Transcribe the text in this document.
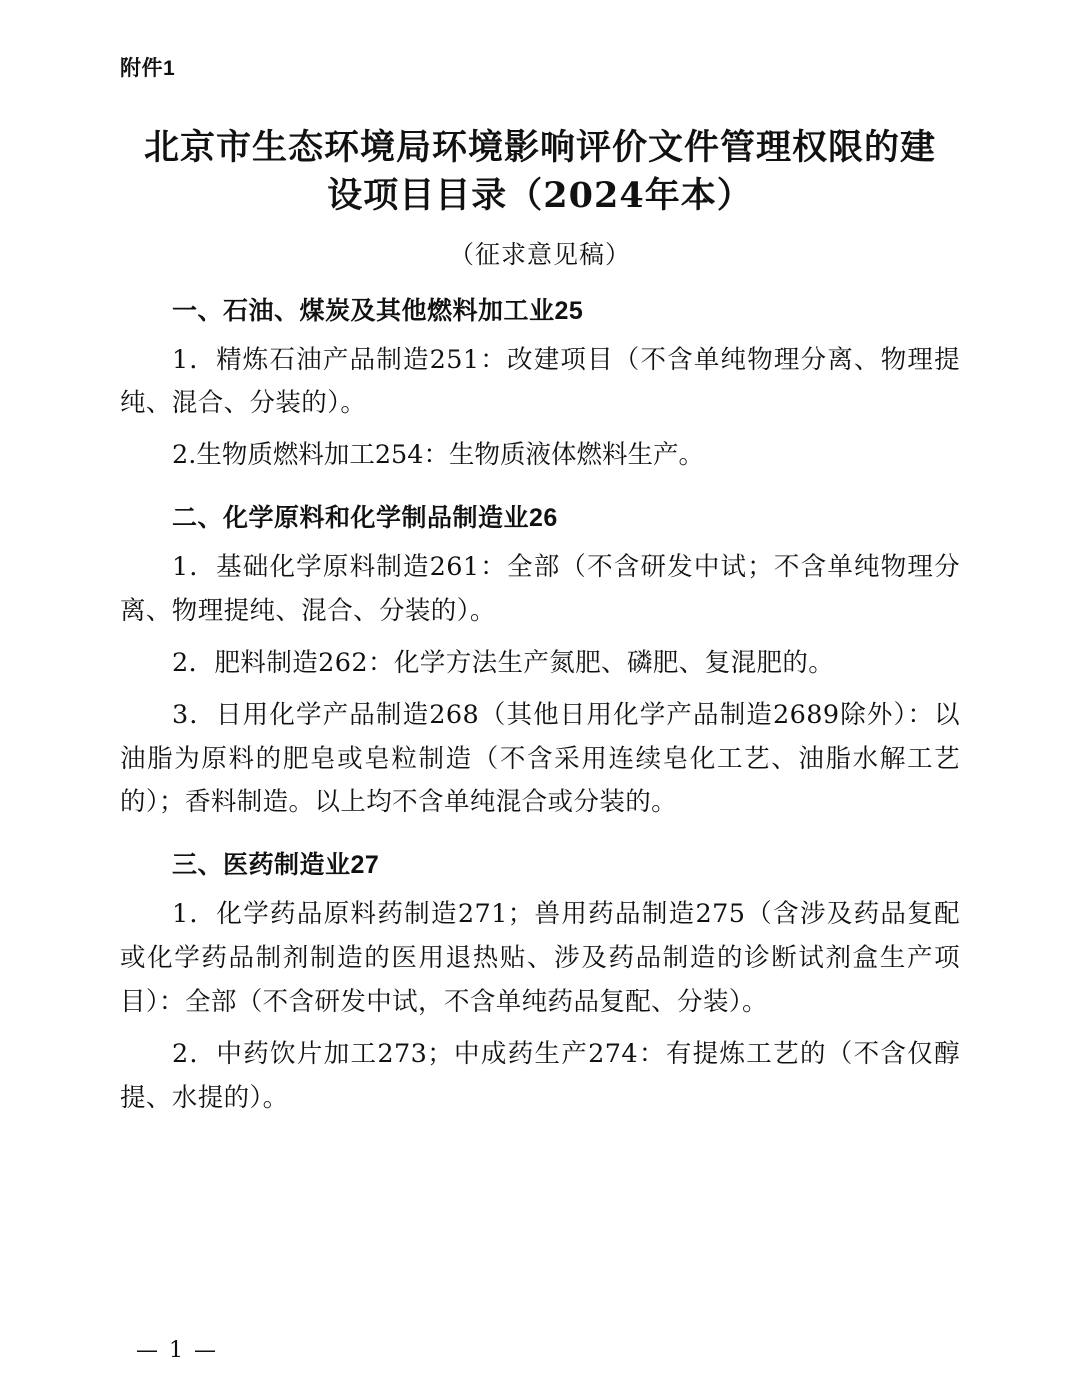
附件1
北京市生态环境局环境影响评价文件管理权限的建设项目目录（2024年本）
（征求意见稿）
一、石油、煤炭及其他燃料加工业25

1．精炼石油产品制造251：改建项目（不含单纯物理分离、物理提纯、混合、分装的）。

2.生物质燃料加工254：生物质液体燃料生产。

二、化学原料和化学制品制造业26

1．基础化学原料制造261：全部（不含研发中试；不含单纯物理分离、物理提纯、混合、分装的）。

2．肥料制造262：化学方法生产氮肥、磷肥、复混肥的。

3．日用化学产品制造268（其他日用化学产品制造2689除外）：以油脂为原料的肥皂或皂粒制造（不含采用连续皂化工艺、油脂水解工艺的）；香料制造。以上均不含单纯混合或分装的。

三、医药制造业27

1．化学药品原料药制造271；兽用药品制造275（含涉及药品复配或化学药品制剂制造的医用退热贴、涉及药品制造的诊断试剂盒生产项目）：全部（不含研发中试，不含单纯药品复配、分装）。

2．中药饮片加工273；中成药生产274：有提炼工艺的（不含仅醇提、水提的）。

— 1 —
